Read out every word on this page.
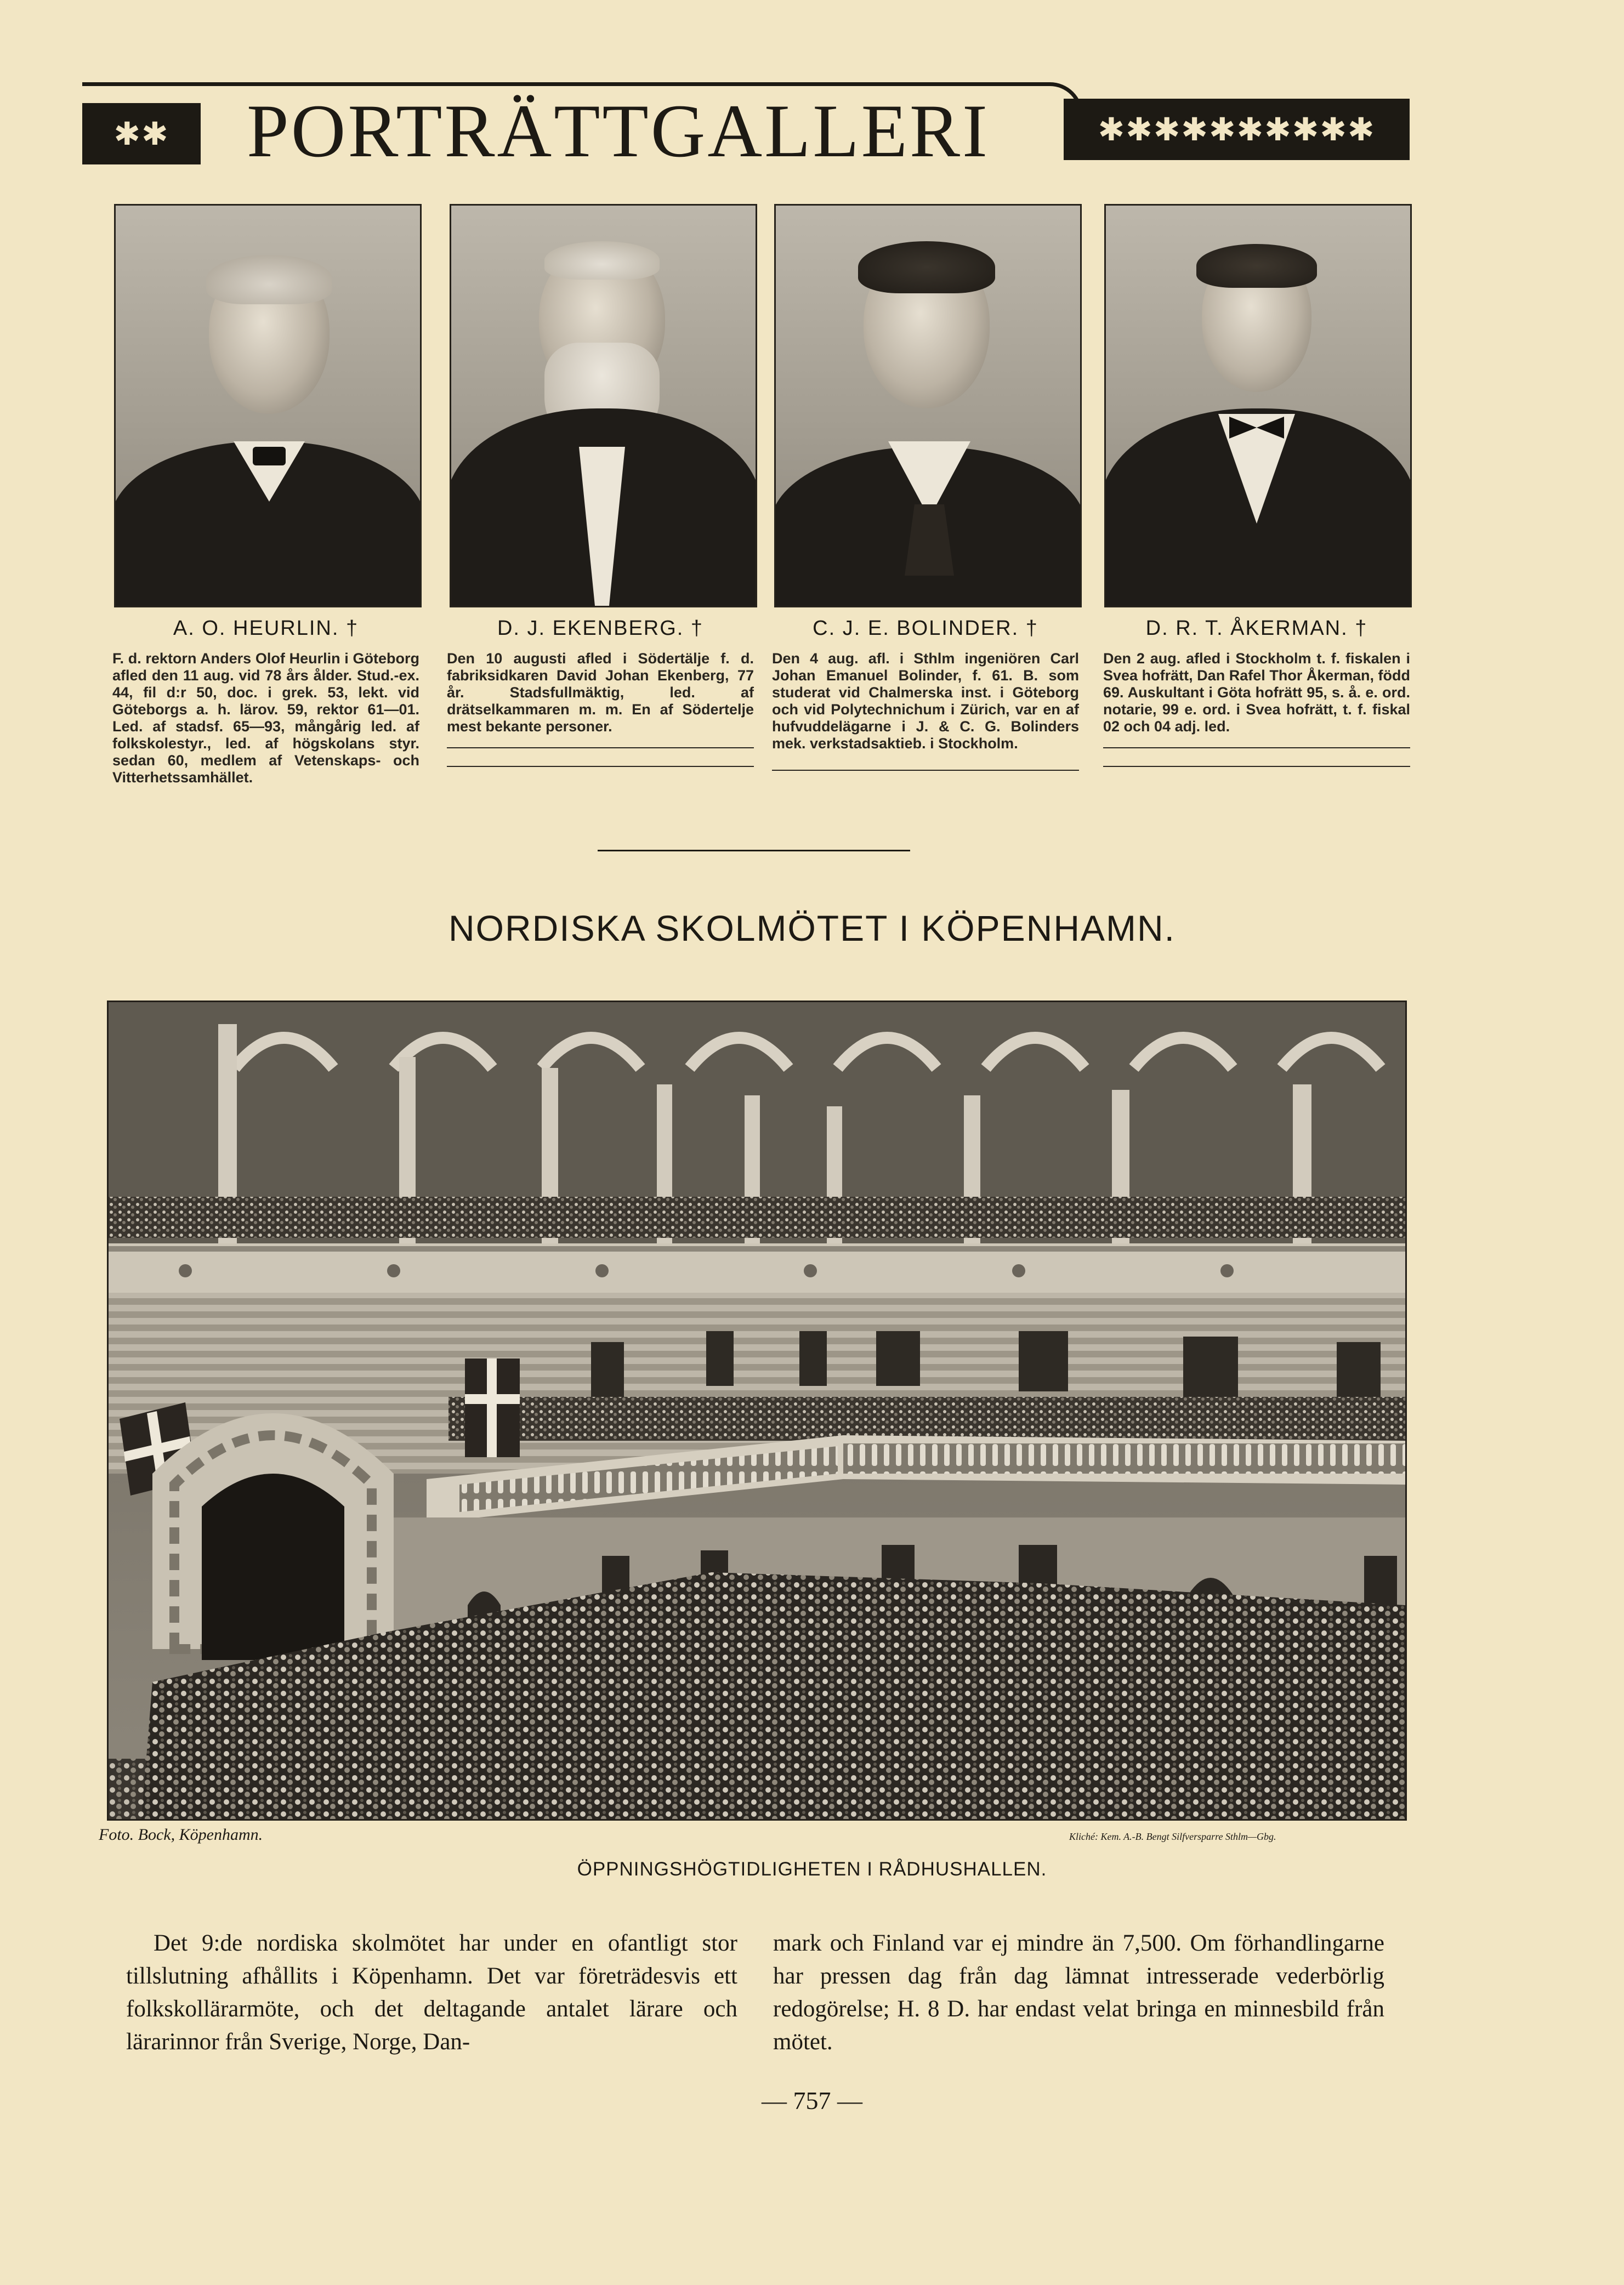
✱✱ PORTRÄTTGALLERI	✱✱✱✱✱✱✱✱✱✱
A. O. HEURLIN. †
F. d. rektorn Anders Olof Heurlin i Göteborg afled den 11 aug. vid 78 års ålder. Stud.-ex. 44, fil d:r 50, doc. i grek. 53, lekt. vid Göteborgs a. h. lärov. 59, rektor 61—01. Led. af stadsf. 65—93, mångårig led. af folkskolestyr., led. af högskolans styr. sedan 60, medlem af Vetenskaps- och Vitterhetssamhället.
D. J. EKENBERG. †
Den 10 augusti afled i Södertälje f. d. fabriksidkaren David Johan Ekenberg, 77 år. Stadsfullmäktig, led. af drätselkammaren m. m. En af Södertelje mest bekante personer.
C. J. E. BOLINDER. †
Den 4 aug. afl. i Sthlm ingeniören Carl Johan Emanuel Bolinder, f. 61. B. som studerat vid Chalmerska inst. i Göteborg och vid Polytechnichum i Zürich, var en af hufvuddelägarne i J. & C. G. Bolinders mek. verkstadsaktieb. i Stockholm.
D. R. T. ÅKERMAN. †
Den 2 aug. afled i Stockholm t. f. fiskalen i Svea hofrätt, Dan Rafel Thor Åkerman, född 69. Auskultant i Göta hofrätt 95, s. å. e. ord. notarie, 99 e. ord. i Svea hofrätt, t. f. fiskal 02 och 04 adj. led.
NORDISKA SKOLMÖTET I KÖPENHAMN.
Foto. Bock, Köpenhamn.	Kliché: Kem. A.-B. Bengt Silfversparre Sthlm—Gbg.
ÖPPNINGSHÖGTIDLIGHETEN I RÅDHUSHALLEN.
Det 9:de nordiska skolmötet har under en ofantligt stor tillslutning afhållits i Köpenhamn. Det var företrädesvis ett folkskollärarmöte, och det deltagande antalet lärare och lärarinnor från Sverige, Norge, Dan-
mark och Finland var ej mindre än 7,500. Om förhandlingarne har pressen dag från dag lämnat intresserade vederbörlig redogörelse; H. 8 D. har endast velat bringa en minnesbild från mötet.
— 757 —
